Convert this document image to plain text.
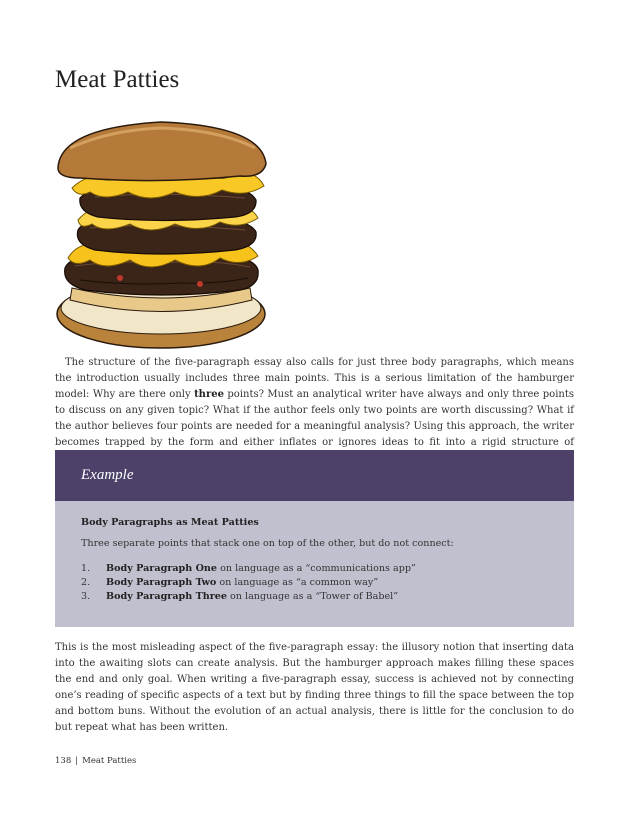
Meat Patties

The structure of the five-paragraph essay also calls for just three body paragraphs, which means the introduction usually includes three main points. This is a serious limitation of the hamburger model: Why are there only three points? Must an analytical writer have always and only three points to discuss on any given topic? What if the author feels only two points are worth discussing? What if the author believes four points are needed for a meaningful analysis? Using this approach, the writer becomes trapped by the form and either inflates or ignores ideas to fit into a rigid structure of

Example

Body Paragraphs as Meat Patties

Three separate points that stack one on top of the other, but do not connect:

1. Body Paragraph One on language as a “communications app”
2. Body Paragraph Two on language as “a common way”
3. Body Paragraph Three on language as a “Tower of Babel”

This is the most misleading aspect of the five-paragraph essay: the illusory notion that inserting data into the awaiting slots can create analysis. But the hamburger approach makes filling these spaces the end and only goal. When writing a five-paragraph essay, success is achieved not by connecting one’s reading of specific aspects of a text but by finding three things to fill the space between the top and bottom buns. Without the evolution of an actual analysis, there is little for the conclusion to do but repeat what has been written.

138 | Meat Patties
